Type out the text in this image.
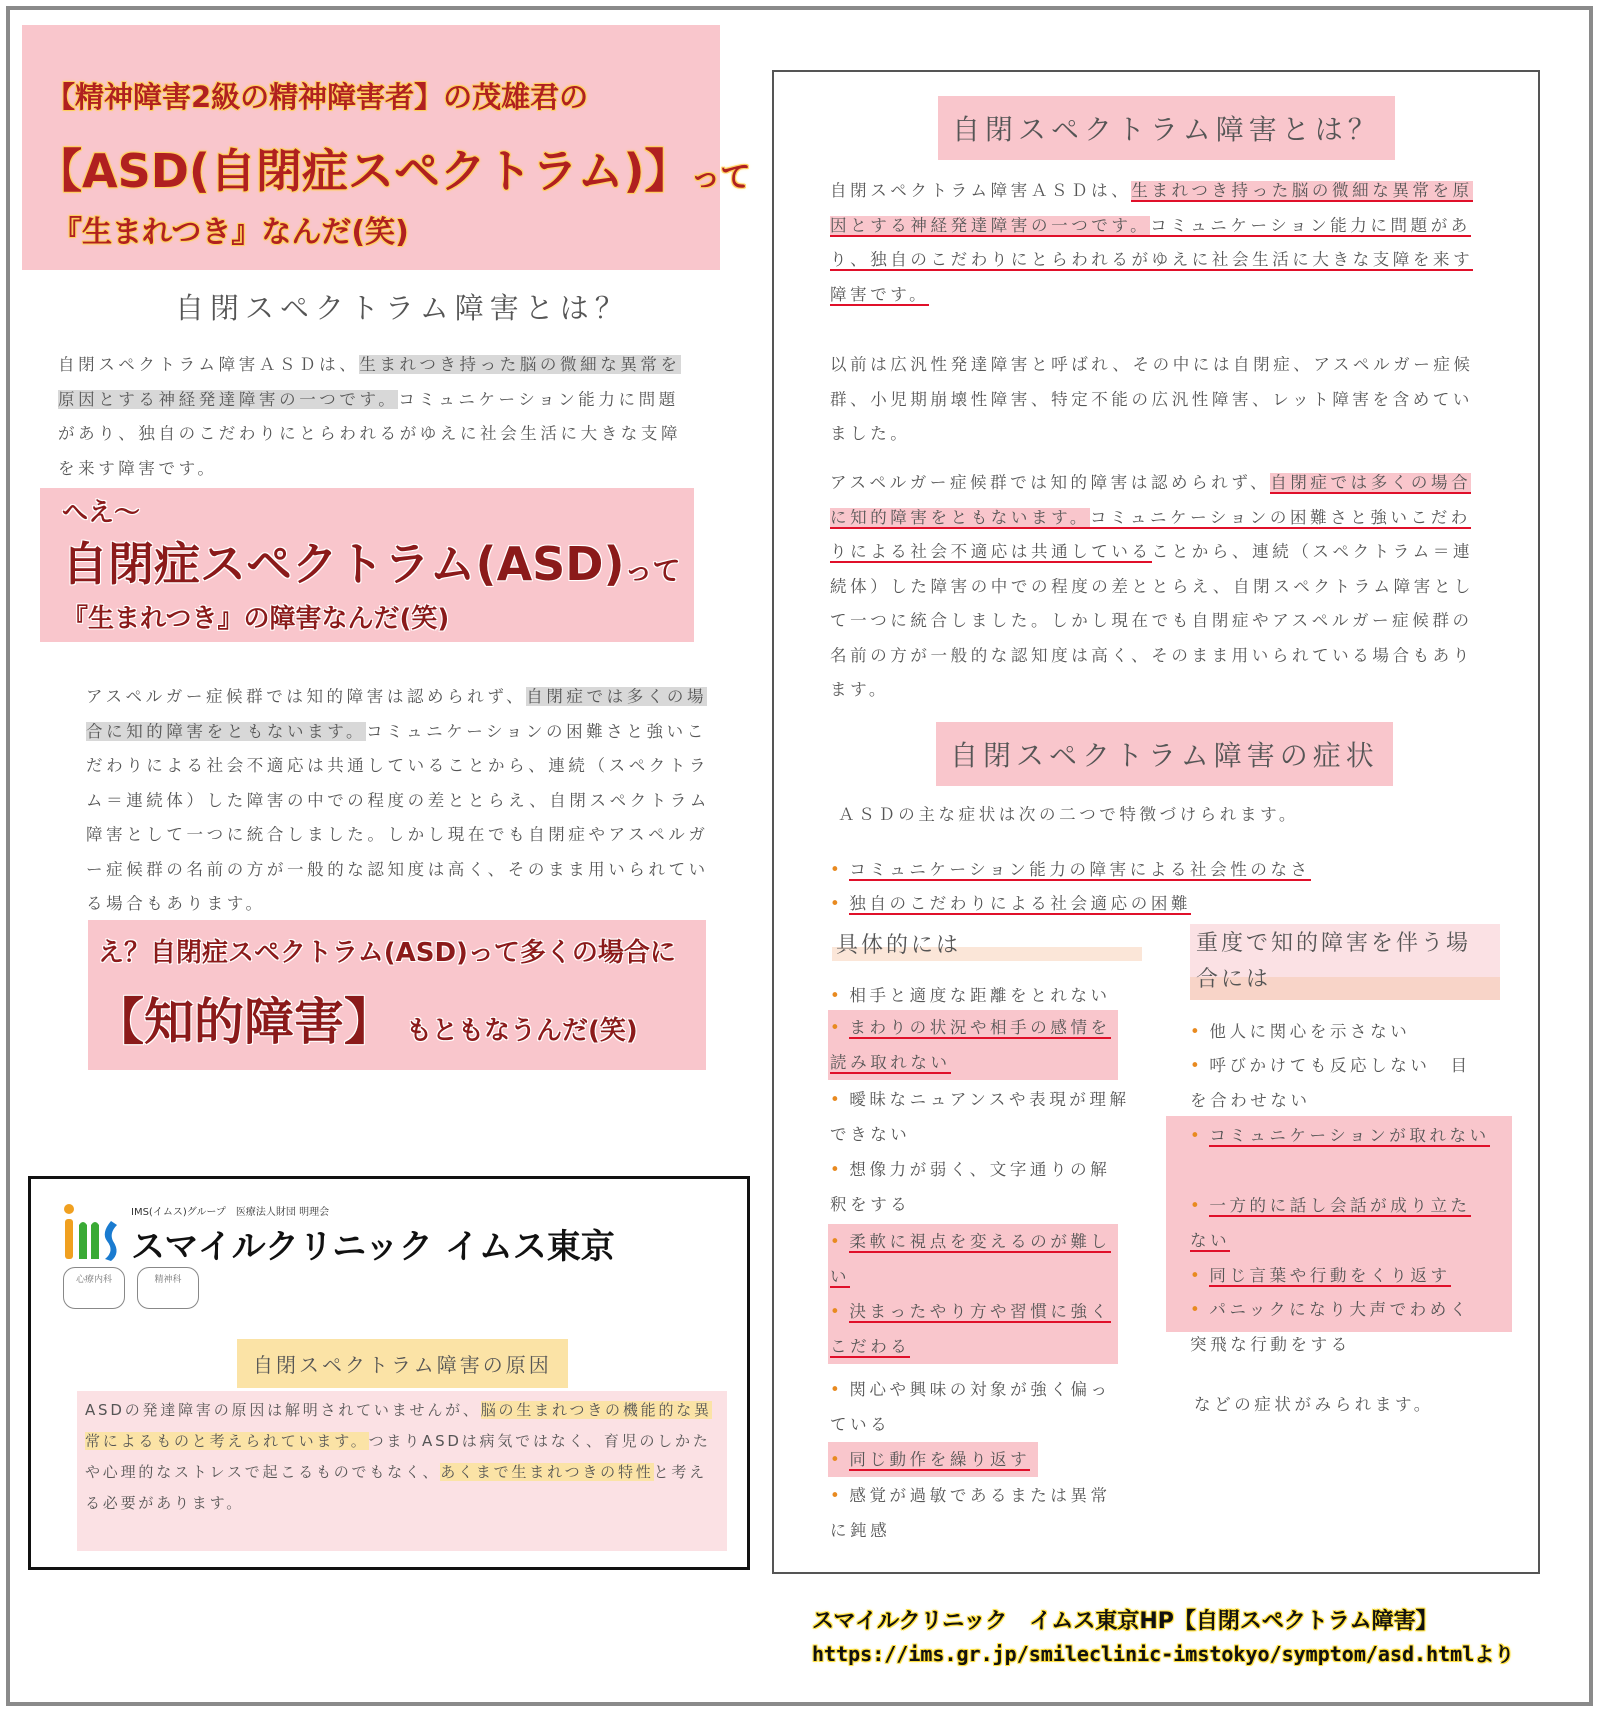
【精神障害2級の精神障害者】の茂雄君の
【ASD(自閉症スペクトラム)】って
『生まれつき』なんだ(笑)
自閉スペクトラム障害とは？
自閉スペクトラム障害ＡＳＤは、生まれつき持った脳の微細な異常を原因とする神経発達障害の一つです。コミュニケーション能力に問題があり、独自のこだわりにとらわれるがゆえに社会生活に大きな支障を来す障害です。
へえ～
自閉症スペクトラム(ASD)って
『生まれつき』の障害なんだ(笑)
アスペルガー症候群では知的障害は認められず、自閉症では多くの場合に知的障害をともないます。コミュニケーションの困難さと強いこだわりによる社会不適応は共通していることから、連続（スペクトラム＝連続体）した障害の中での程度の差ととらえ、自閉スペクトラム障害として一つに統合しました。しかし現在でも自閉症やアスペルガー症候群の名前の方が一般的な認知度は高く、そのまま用いられている場合もあります。
え？自閉症スペクトラム(ASD)って多くの場合に
【知的障害】 もともなうんだ(笑)
IMS(イムス)グループ　医療法人財団 明理会
スマイルクリニック イムス東京
心療内科	精神科
自閉スペクトラム障害の原因
ASDの発達障害の原因は解明されていませんが、脳の生まれつきの機能的な異常によるものと考えられています。つまりASDは病気ではなく、育児のしかたや心理的なストレスで起こるものでもなく、あくまで生まれつきの特性と考える必要があります。
自閉スペクトラム障害とは？
自閉スペクトラム障害ＡＳＤは、生まれつき持った脳の微細な異常を原因とする神経発達障害の一つです。コミュニケーション能力に問題があり、独自のこだわりにとらわれるがゆえに社会生活に大きな支障を来す障害です。
以前は広汎性発達障害と呼ばれ、その中には自閉症、アスペルガー症候群、小児期崩壊性障害、特定不能の広汎性障害、レット障害を含めていました。
アスペルガー症候群では知的障害は認められず、自閉症では多くの場合に知的障害をともないます。コミュニケーションの困難さと強いこだわりによる社会不適応は共通していることから、連続（スペクトラム＝連続体）した障害の中での程度の差ととらえ、自閉スペクトラム障害として一つに統合しました。しかし現在でも自閉症やアスペルガー症候群の名前の方が一般的な認知度は高く、そのまま用いられている場合もあります。
自閉スペクトラム障害の症状
ＡＳＤの主な症状は次の二つで特徴づけられます。
• コミュニケーション能力の障害による社会性のなさ
• 独自のこだわりによる社会適応の困難
具体的には
• 相手と適度な距離をとれない
• まわりの状況や相手の感情を読み取れない
• 曖昧なニュアンスや表現が理解できない
• 想像力が弱く、文字通りの解釈をする
• 柔軟に視点を変えるのが難しい
• 決まったやり方や習慣に強くこだわる
• 関心や興味の対象が強く偏っている
• 同じ動作を繰り返す
• 感覚が過敏であるまたは異常に鈍感
重度で知的障害を伴う場合には
• 他人に関心を示さない
• 呼びかけても反応しない　目を合わせない
• コミュニケーションが取れない
• 一方的に話し会話が成り立たない
• 同じ言葉や行動をくり返す
• パニックになり大声でわめく突飛な行動をする
などの症状がみられます。
スマイルクリニック　イムス東京HP【自閉スペクトラム障害】
https://ims.gr.jp/smileclinic-imstokyo/symptom/asd.htmlより
